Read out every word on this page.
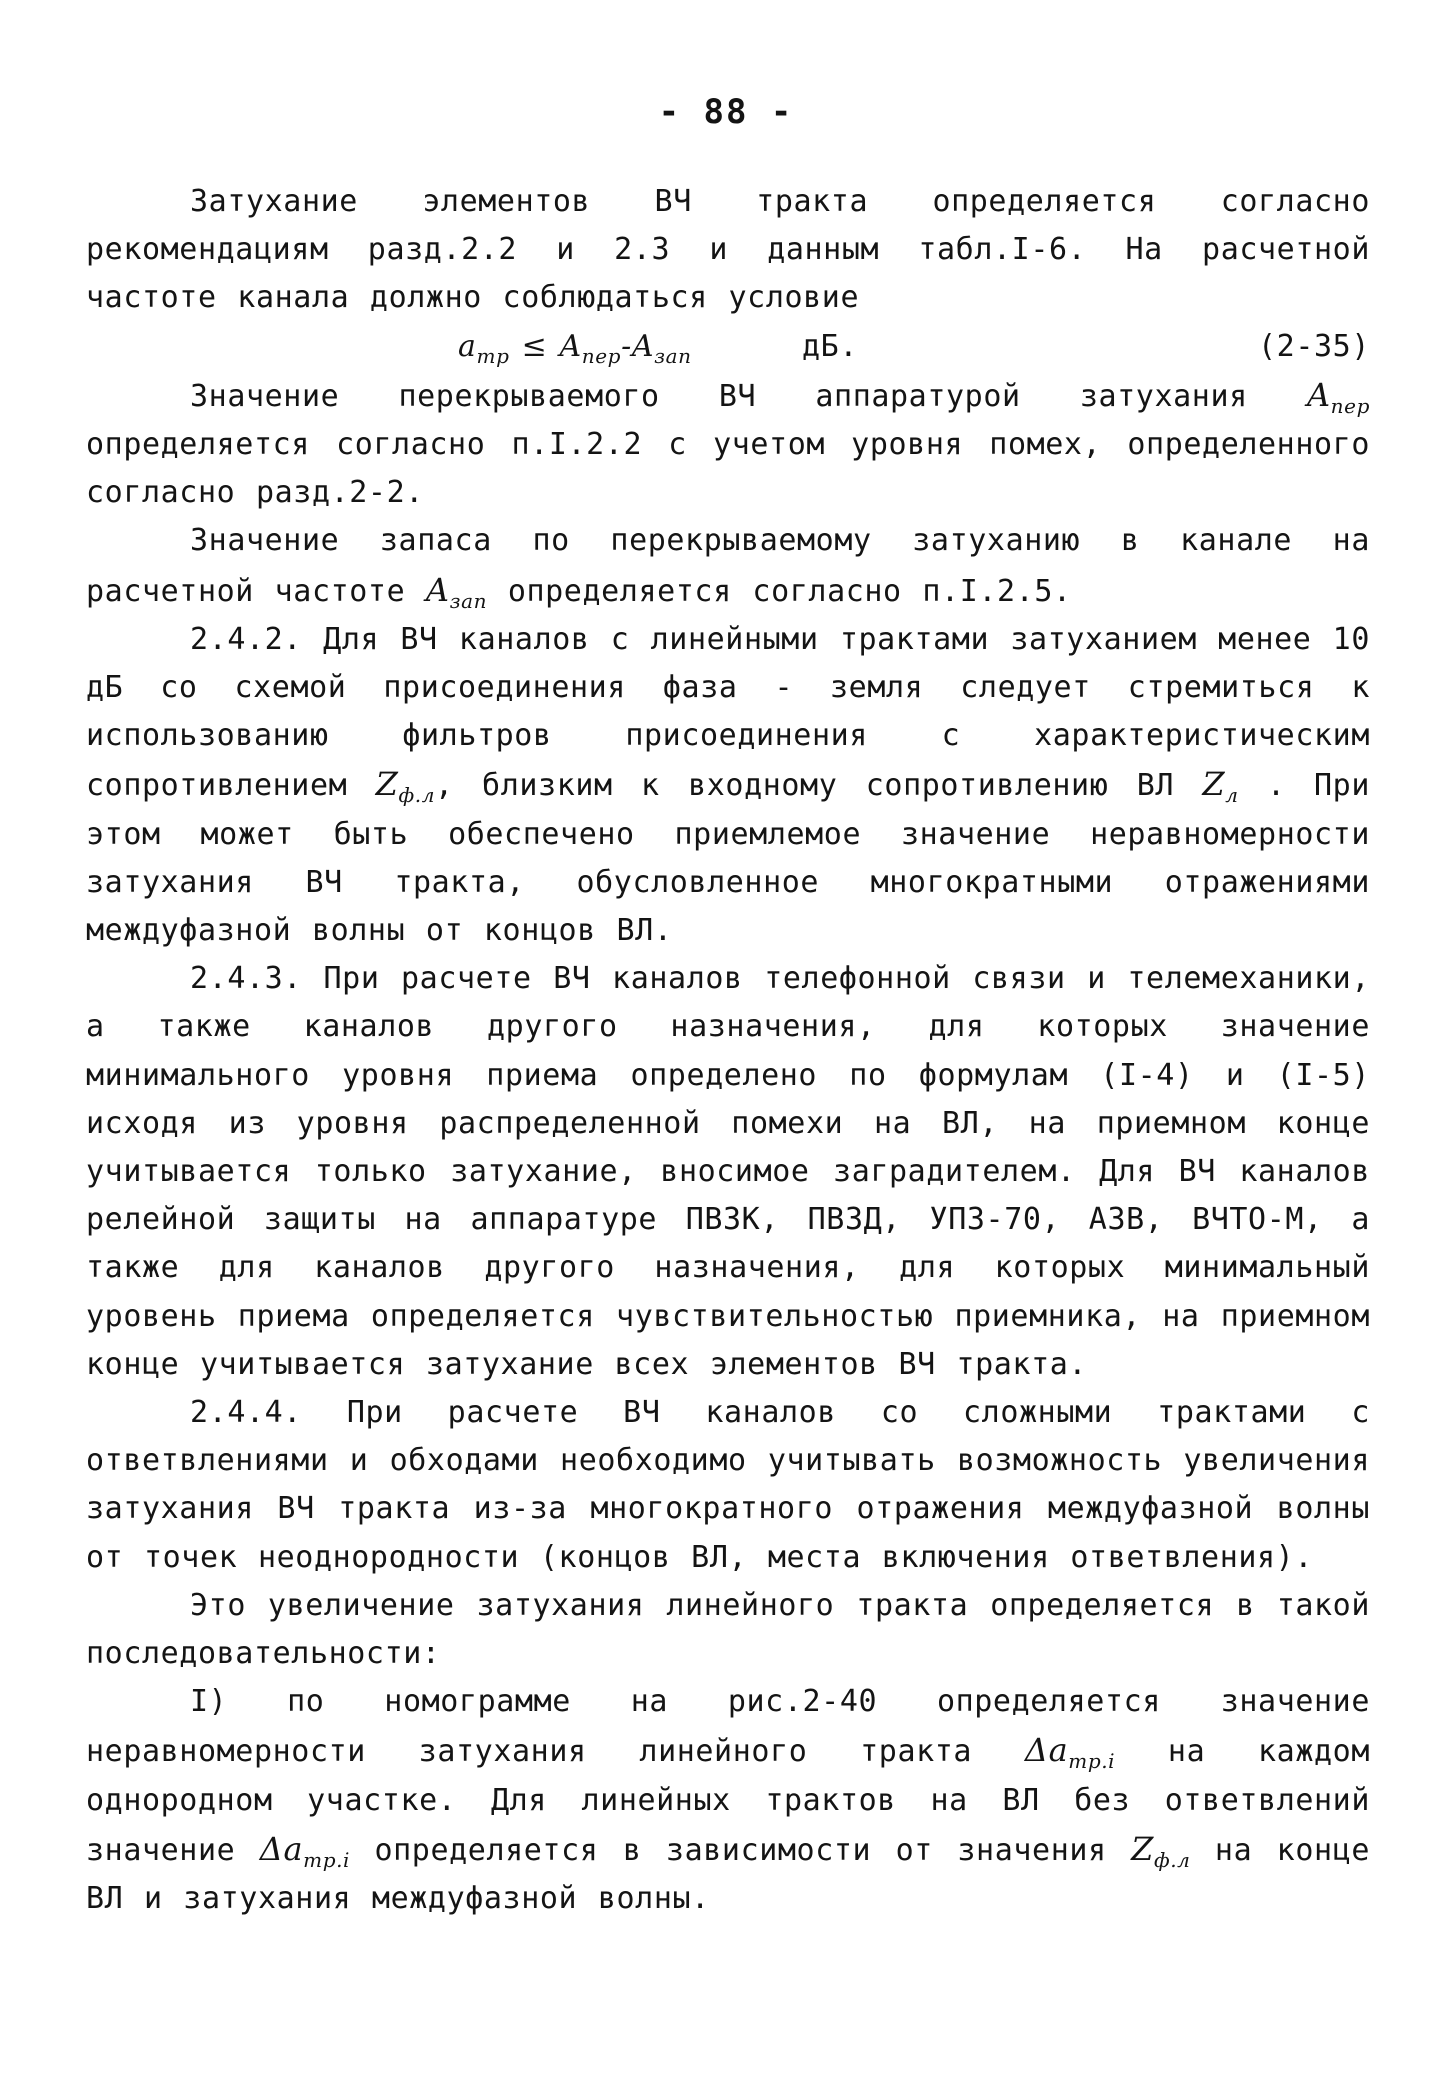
- 88 -

Затухание элементов ВЧ тракта определяется согласно рекомендациям разд.2.2 и 2.3 и данным табл.I-6. На расчетной частоте канала должно соблюдаться условие

$a_{тр} \le A_{пер}-A_{зап}$	дБ.	(2-35)

Значение перекрываемого ВЧ аппаратурой затухания $A_{пер}$ определяется согласно п.I.2.2 с учетом уровня помех, определенного согласно разд.2-2.

Значение запаса по перекрываемому затуханию в канале на расчетной частоте $A_{зап}$ определяется согласно п.I.2.5.

2.4.2. Для ВЧ каналов с линейными трактами затуханием менее 10 дБ со схемой присоединения фаза - земля следует стремиться к использованию фильтров присоединения с характеристическим сопротивлением $Z_{ф.л}$, близким к входному сопротивлению ВЛ $Z_л$ . При этом может быть обеспечено приемлемое значение неравномерности затухания ВЧ тракта, обусловленное многократными отражениями междуфазной волны от концов ВЛ.

2.4.3. При расчете ВЧ каналов телефонной связи и телемеханики, а также каналов другого назначения, для которых значение минимального уровня приема определено по формулам (I-4) и (I-5) исходя из уровня распределенной помехи на ВЛ, на приемном конце учитывается только затухание, вносимое заградителем. Для ВЧ каналов релейной защиты на аппаратуре ПВЗК, ПВЗД, УПЗ-70, АЗВ, ВЧТО-М, а также для каналов другого назначения, для которых минимальный уровень приема определяется чувствительностью приемника, на приемном конце учитывается затухание всех элементов ВЧ тракта.

2.4.4. При расчете ВЧ каналов со сложными трактами с ответвлениями и обходами необходимо учитывать возможность увеличения затухания ВЧ тракта из-за многократного отражения междуфазной волны от точек неоднородности (концов ВЛ, места включения ответвления).

Это увеличение затухания линейного тракта определяется в такой последовательности:

I) по номограмме на рис.2-40 определяется значение неравномерности затухания линейного тракта $\Delta a_{тр.i}$ на каждом однородном участке. Для линейных трактов на ВЛ без ответвлений значение $\Delta a_{тр.i}$ определяется в зависимости от значения $Z_{ф.л}$ на конце ВЛ и затухания междуфазной волны.
